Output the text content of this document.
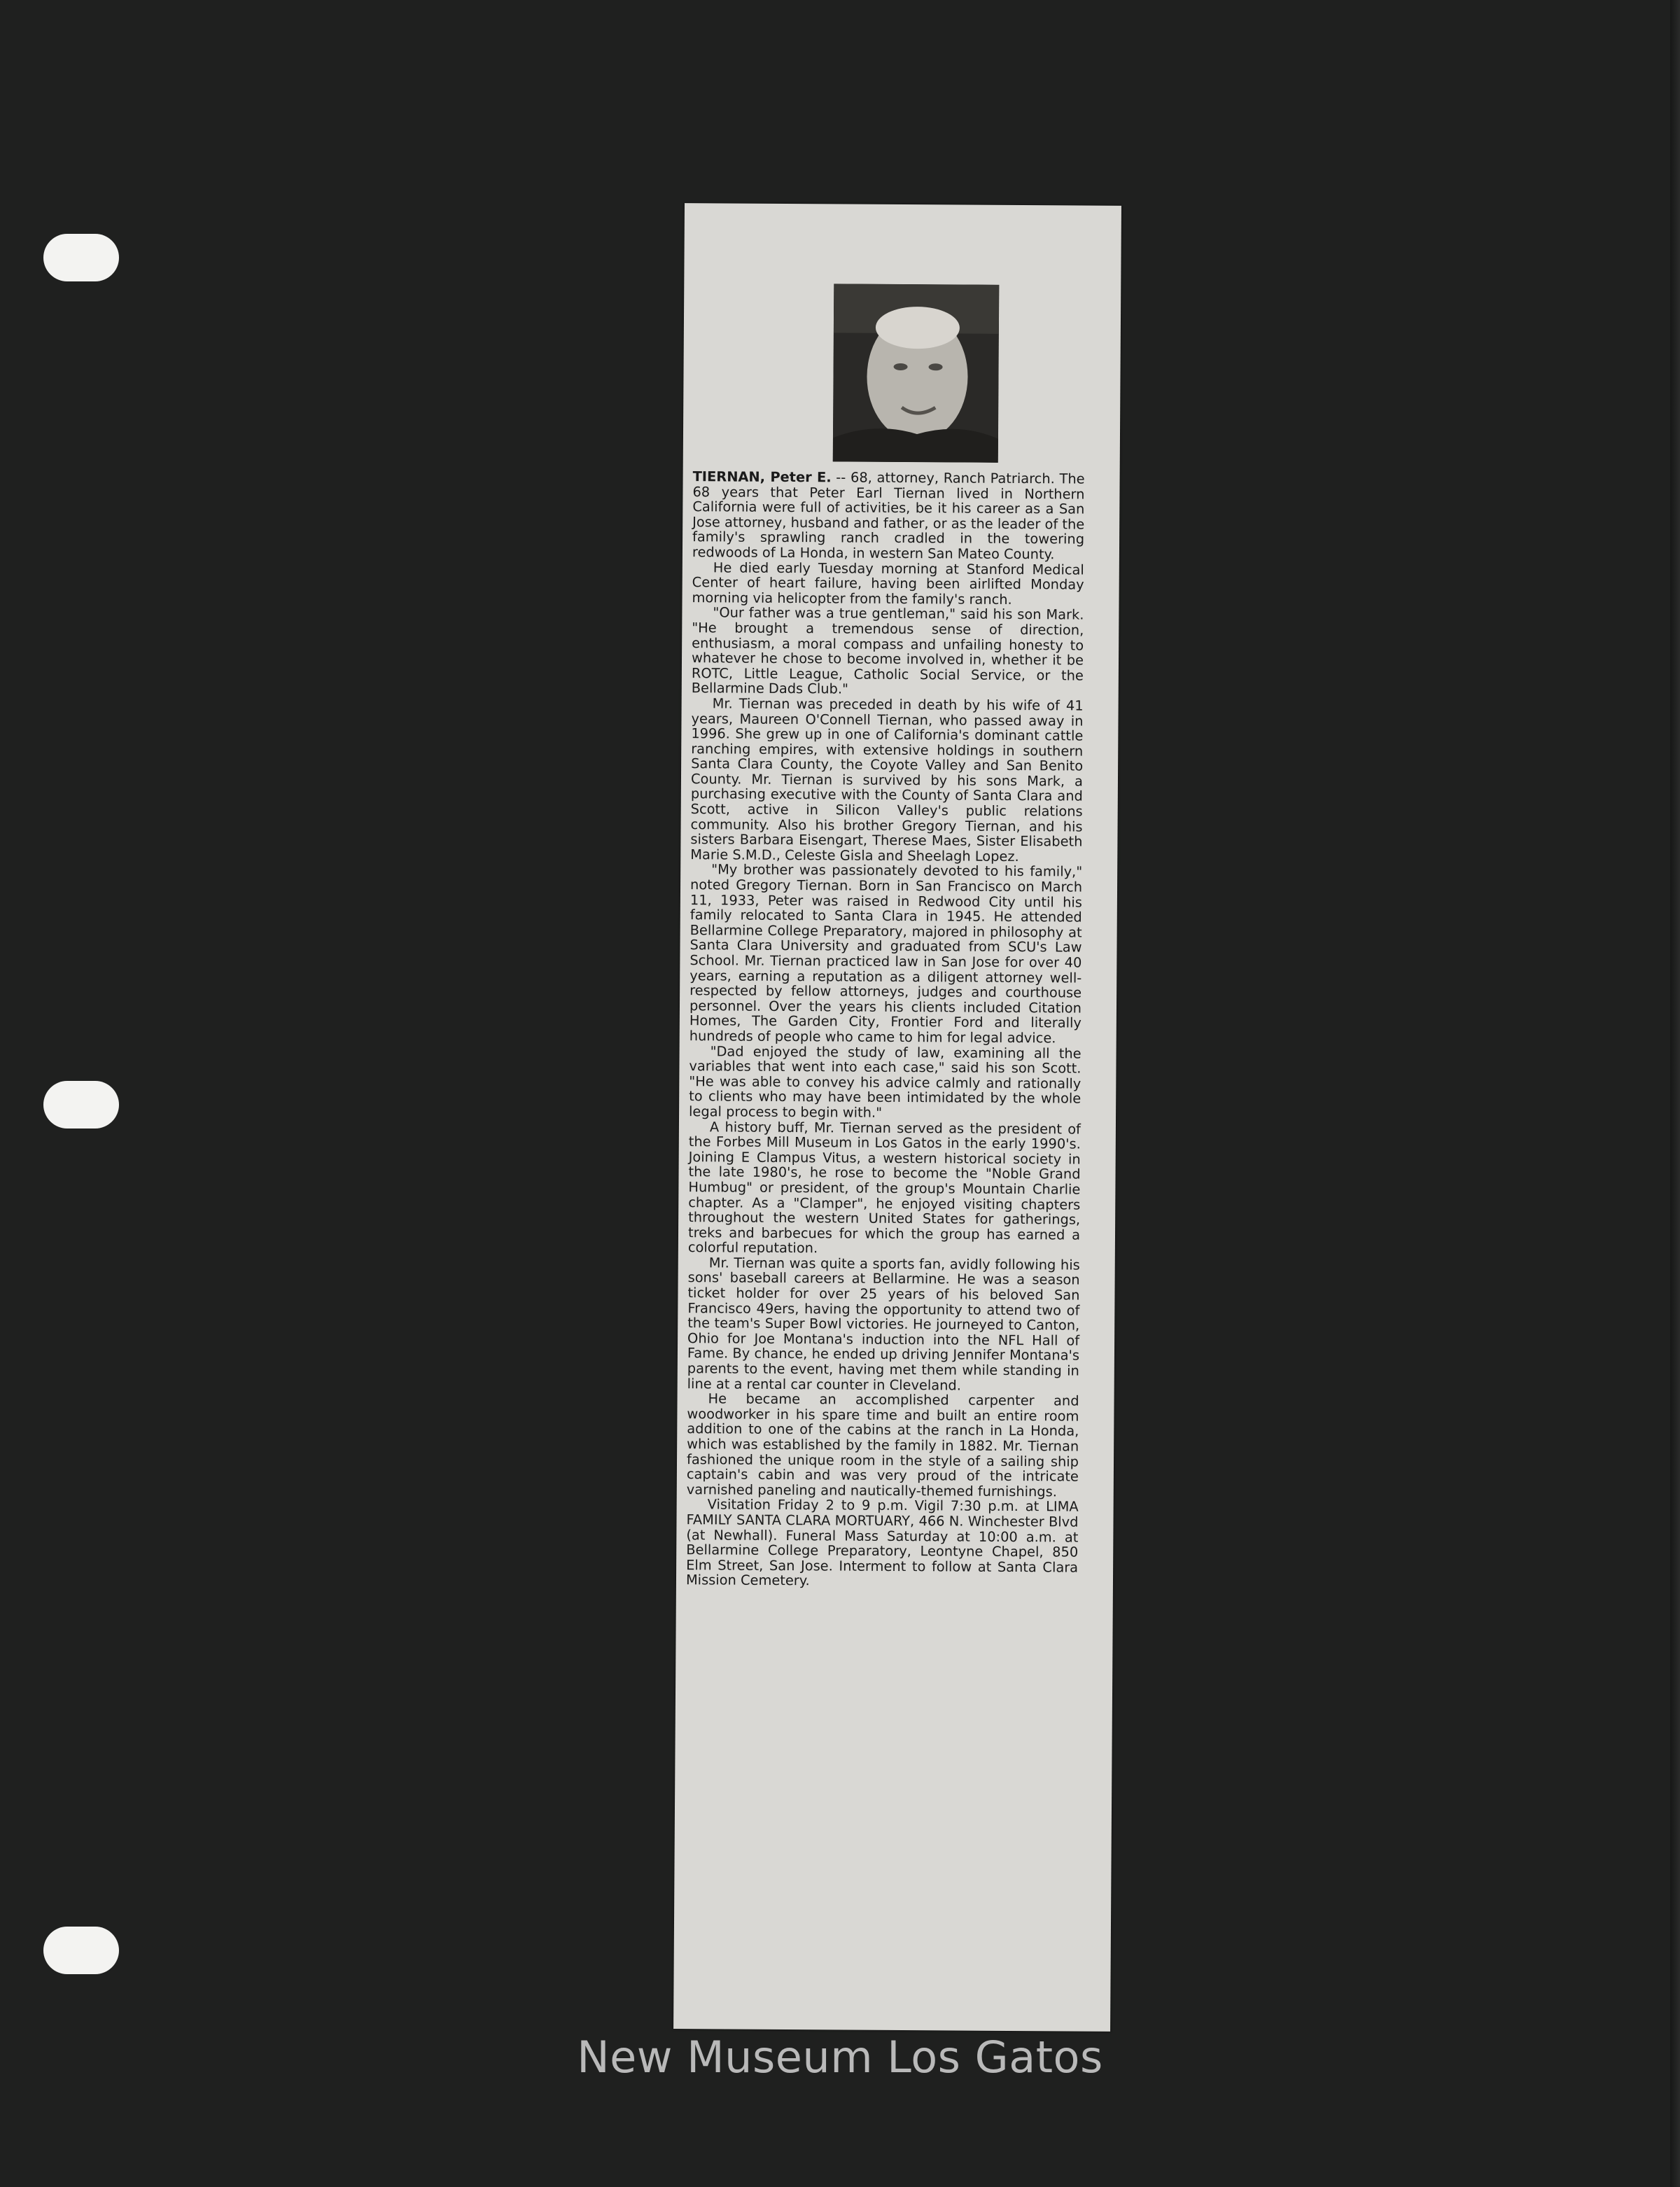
TIERNAN, Peter E. -- 68, attorney, Ranch Patriarch. The 68 years that Peter Earl Tiernan lived in Northern California were full of activities, be it his career as a San Jose attorney, husband and father, or as the leader of the family's sprawling ranch cradled in the towering redwoods of La Honda, in western San Mateo County.

He died early Tuesday morning at Stanford Medical Center of heart failure, having been airlifted Monday morning via helicopter from the family's ranch.

"Our father was a true gentleman," said his son Mark. "He brought a tremendous sense of direction, enthusiasm, a moral compass and unfailing honesty to whatever he chose to become involved in, whether it be ROTC, Little League, Catholic Social Service, or the Bellarmine Dads Club."

Mr. Tiernan was preceded in death by his wife of 41 years, Maureen O'Connell Tiernan, who passed away in 1996. She grew up in one of California's dominant cattle ranching empires, with extensive holdings in southern Santa Clara County, the Coyote Valley and San Benito County. Mr. Tiernan is survived by his sons Mark, a purchasing executive with the County of Santa Clara and Scott, active in Silicon Valley's public relations community. Also his brother Gregory Tiernan, and his sisters Barbara Eisengart, Therese Maes, Sister Elisabeth Marie S.M.D., Celeste Gisla and Sheelagh Lopez.

"My brother was passionately devoted to his family," noted Gregory Tiernan. Born in San Francisco on March 11, 1933, Peter was raised in Redwood City until his family relocated to Santa Clara in 1945. He attended Bellarmine College Preparatory, majored in philosophy at Santa Clara University and graduated from SCU's Law School. Mr. Tiernan practiced law in San Jose for over 40 years, earning a reputation as a diligent attorney well-respected by fellow attorneys, judges and courthouse personnel. Over the years his clients included Citation Homes, The Garden City, Frontier Ford and literally hundreds of people who came to him for legal advice.

"Dad enjoyed the study of law, examining all the variables that went into each case," said his son Scott. "He was able to convey his advice calmly and rationally to clients who may have been intimidated by the whole legal process to begin with."

A history buff, Mr. Tiernan served as the president of the Forbes Mill Museum in Los Gatos in the early 1990's. Joining E Clampus Vitus, a western historical society in the late 1980's, he rose to become the "Noble Grand Humbug" or president, of the group's Mountain Charlie chapter. As a "Clamper", he enjoyed visiting chapters throughout the western United States for gatherings, treks and barbecues for which the group has earned a colorful reputation.

Mr. Tiernan was quite a sports fan, avidly following his sons' baseball careers at Bellarmine. He was a season ticket holder for over 25 years of his beloved San Francisco 49ers, having the opportunity to attend two of the team's Super Bowl victories. He journeyed to Canton, Ohio for Joe Montana's induction into the NFL Hall of Fame. By chance, he ended up driving Jennifer Montana's parents to the event, having met them while standing in line at a rental car counter in Cleveland.

He became an accomplished carpenter and woodworker in his spare time and built an entire room addition to one of the cabins at the ranch in La Honda, which was established by the family in 1882. Mr. Tiernan fashioned the unique room in the style of a sailing ship captain's cabin and was very proud of the intricate varnished paneling and nautically-themed furnishings.

Visitation Friday 2 to 9 p.m. Vigil 7:30 p.m. at LIMA FAMILY SANTA CLARA MORTUARY, 466 N. Winchester Blvd (at Newhall). Funeral Mass Saturday at 10:00 a.m. at Bellarmine College Preparatory, Leontyne Chapel, 850 Elm Street, San Jose. Interment to follow at Santa Clara Mission Cemetery.

New Museum Los Gatos
